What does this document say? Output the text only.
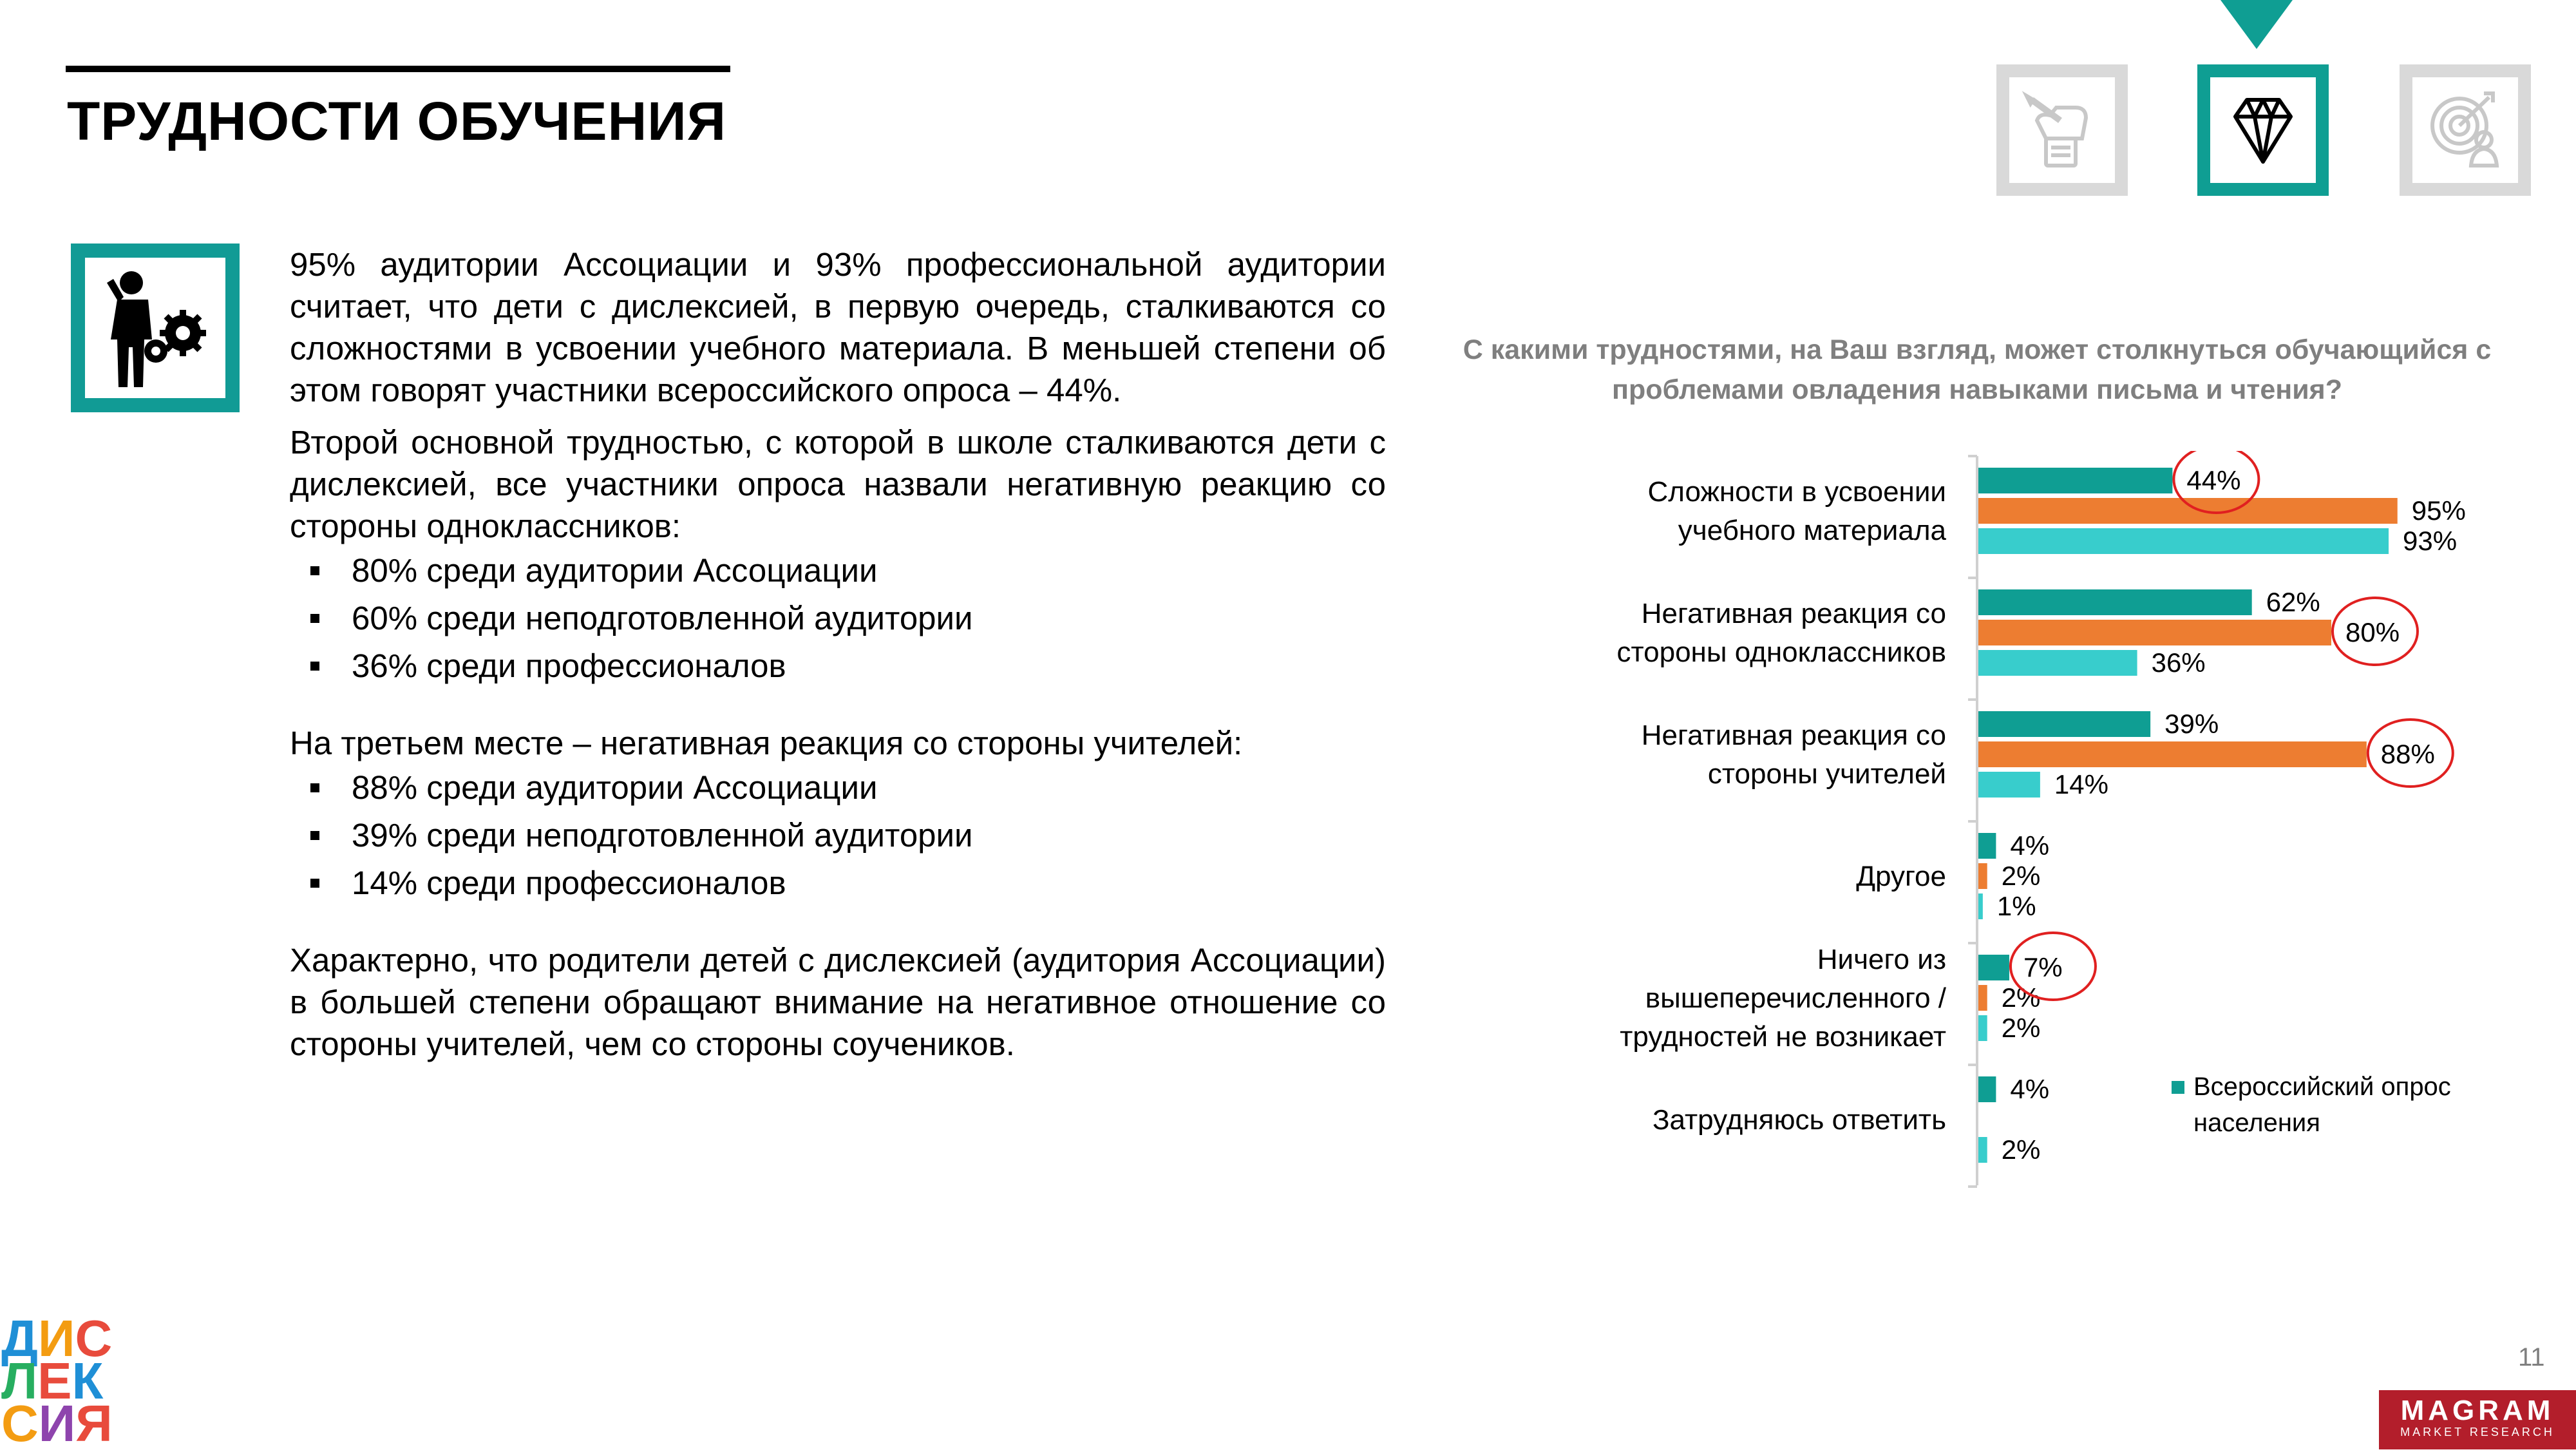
ТРУДНОСТИ ОБУЧЕНИЯ

95% аудитории Ассоциации и 93% профессиональной аудитории считает, что дети с дислексией, в первую очередь, сталкиваются со сложностями в усвоении учебного материала. В меньшей степени об этом говорят участники всероссийского опроса – 44%.

Второй основной трудностью, с которой в школе сталкиваются дети с дислексией, все участники опроса назвали негативную реакцию со стороны одноклассников:

80% среди аудитории Ассоциации
60% среди неподготовленной аудитории
36% среди профессионалов

На третьем месте – негативная реакция со стороны учителей:

88% среди аудитории Ассоциации
39% среди неподготовленной аудитории
14% среди профессионалов

Характерно, что родители детей с дислексией (аудитория Ассоциации) в большей степени обращают внимание на негативное отношение со стороны учителей, чем со стороны соучеников.

С какими трудностями, на Ваш взгляд, может столкнуться обучающийся с проблемами овладения навыками письма и чтения?
Сложности в усвоении
учебного материала
44%
95%
93%
Негативная реакция со
стороны одноклассников
62%
80%
36%
Негативная реакция со
стороны учителей
39%
88%
14%
Другое
4%
2%
1%
Ничего из
вышеперечисленного /
трудностей не возникает
7%
2%
2%
Затрудняюсь ответить
4%
2%
Всероссийский опрос
населения
ДИС
ЛЕК
СИЯ
11
MAGRAM
MARKET RESEARCH
